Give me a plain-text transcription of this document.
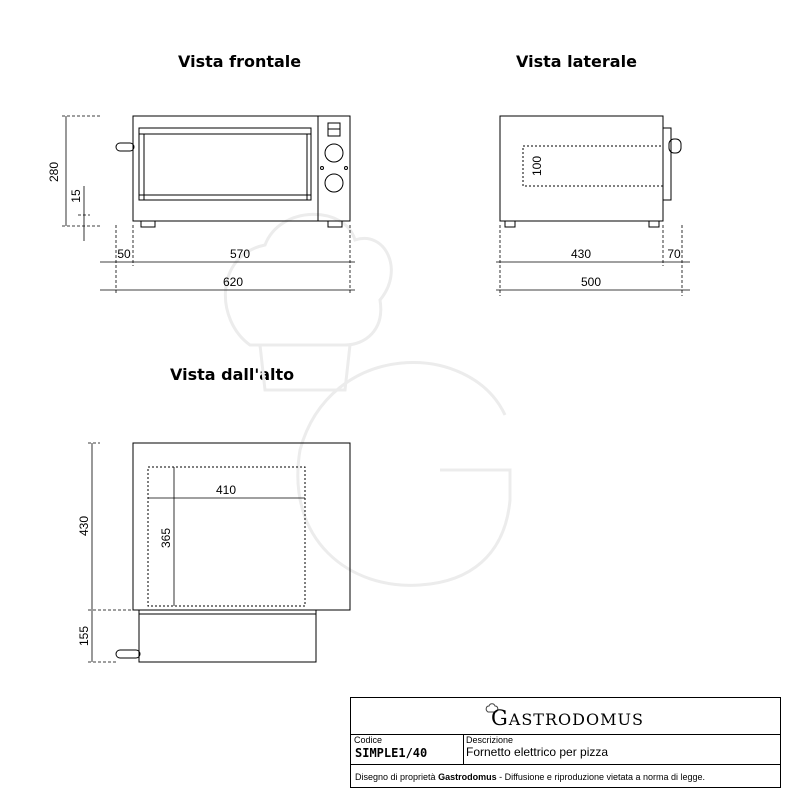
Vista frontale	Vista laterale
Vista dall'alto
280
15
50	570
620
100
430	70
500
410
365
430
155
GASTRODOMUS
Codice
SIMPLE1/40
Descrizione
Fornetto elettrico per pizza
Disegno di proprietà Gastrodomus - Diffusione e riproduzione vietata a norma di legge.
